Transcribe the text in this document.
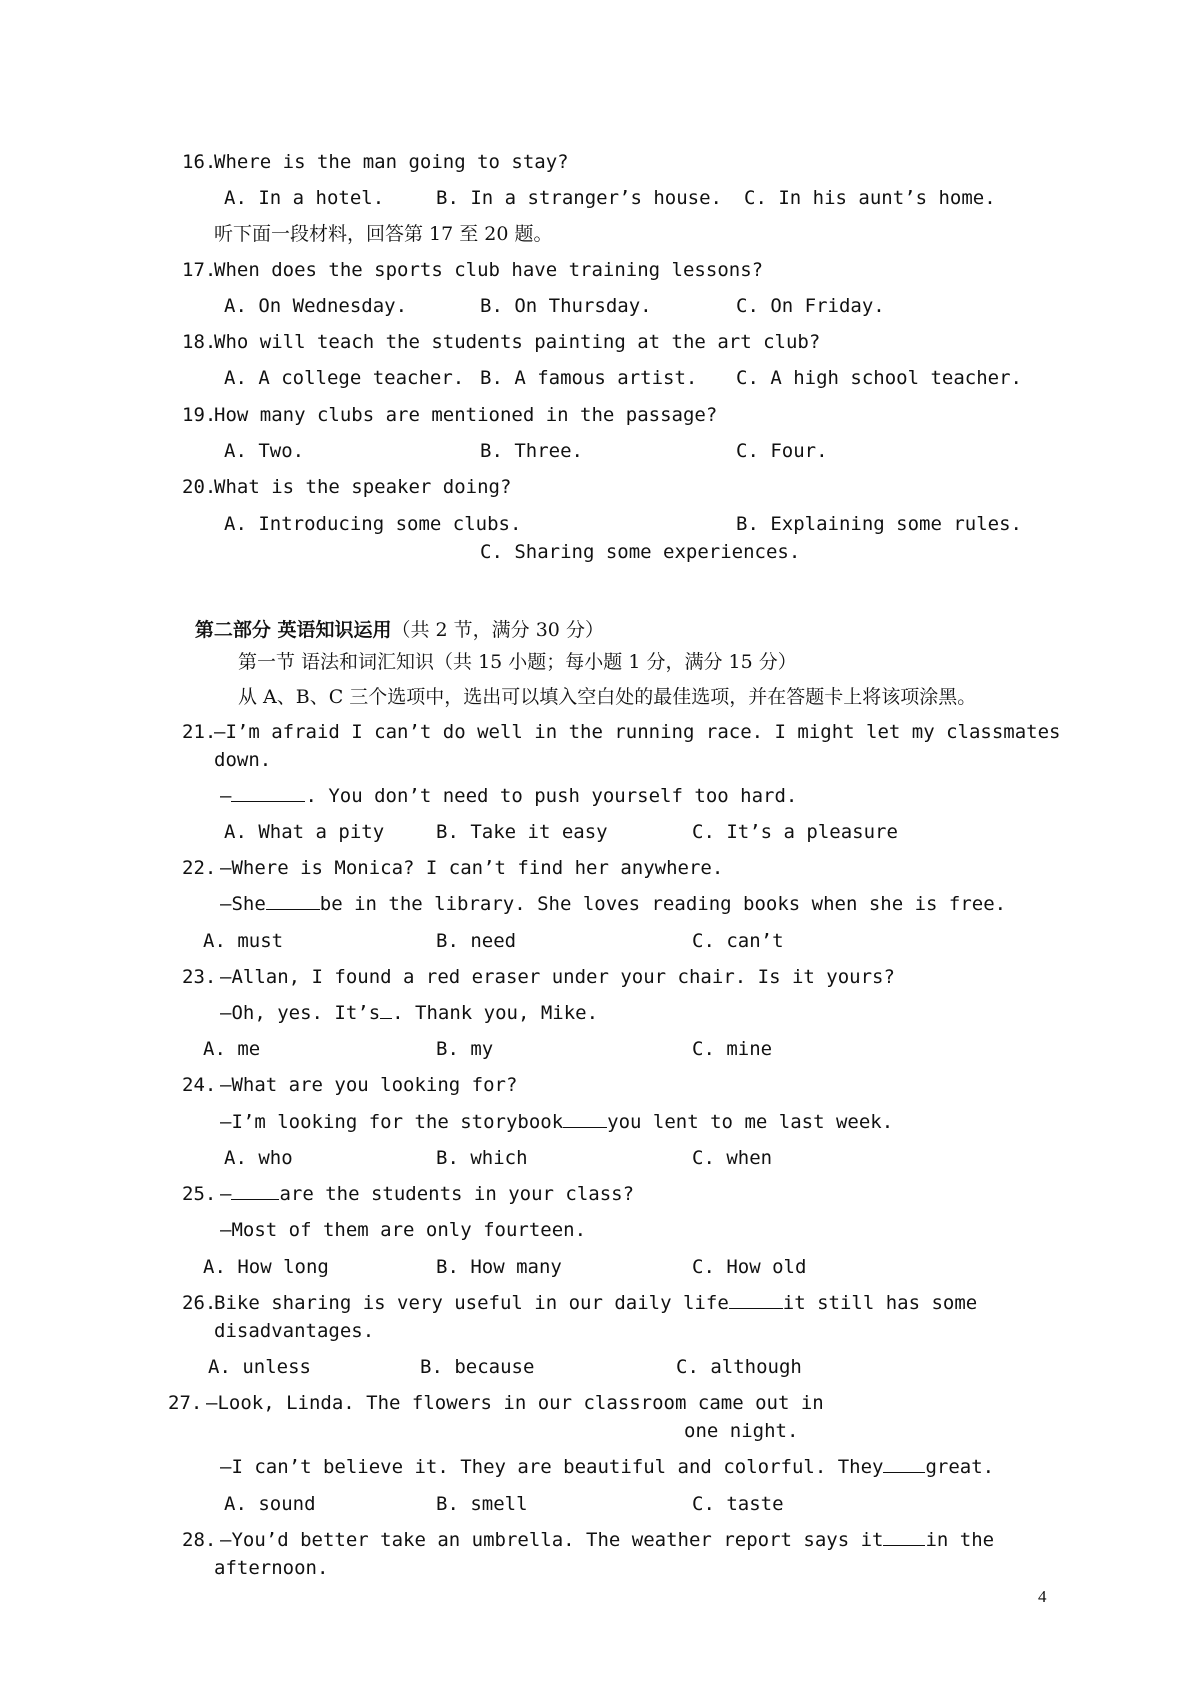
16.
Where is the man going to stay?
A. In a hotel.	B. In a stranger’s house. C. In his aunt’s home.
听下面一段材料，回答第 17 至 20 题。
17.
When does the sports club have training lessons?
A. On Wednesday.	B. On Thursday.	C. On Friday.
18.
Who will teach the students painting at the art club?
A. A college teacher. B. A famous artist. C. A high school teacher.
19.
How many clubs are mentioned in the passage?
A. Two.	B. Three.	C. Four.
20.
What is the speaker doing?
A. Introducing some clubs.	B. Explaining some rules.
C. Sharing some experiences.

第二部分 英语知识运用（共 2 节，满分 30 分）

第一节 语法和词汇知识（共 15 小题；每小题 1 分，满分 15 分）
从 A、B、C 三个选项中，选出可以填入空白处的最佳选项，并在答题卡上将该项涂黑。
21.
–I’m afraid I can’t do well in the running race. I might let my classmates
down.
–	. You don’t need to push yourself too hard.
A. What a pity	B. Take it easy	C. It’s a pleasure
22. –Where is Monica? I can’t find her anywhere.
–She	be in the library. She loves reading books when she is free.
A. must	B. need	C. can’t
23. –Allan, I found a red eraser under your chair. Is it yours?
–Oh, yes. It’s . Thank you, Mike.
A. me	B. my	C. mine
24. –What are you looking for?
–I’m looking for the storybook you lent to me last week.
A. who	B. which	C. when
25. –	are the students in your class?
–Most of them are only fourteen.
A. How long	B. How many	C. How old
26.
Bike sharing is very useful in our daily life	it still has some
disadvantages.
A. unless	B. because	C. although
27. –Look, Linda. The flowers in our classroom came out in
one night.
–I can’t believe it. They are beautiful and colorful. They great.
A. sound	B. smell	C. taste
28. –You’d better take an umbrella. The weather report says it in the
afternoon.
4
